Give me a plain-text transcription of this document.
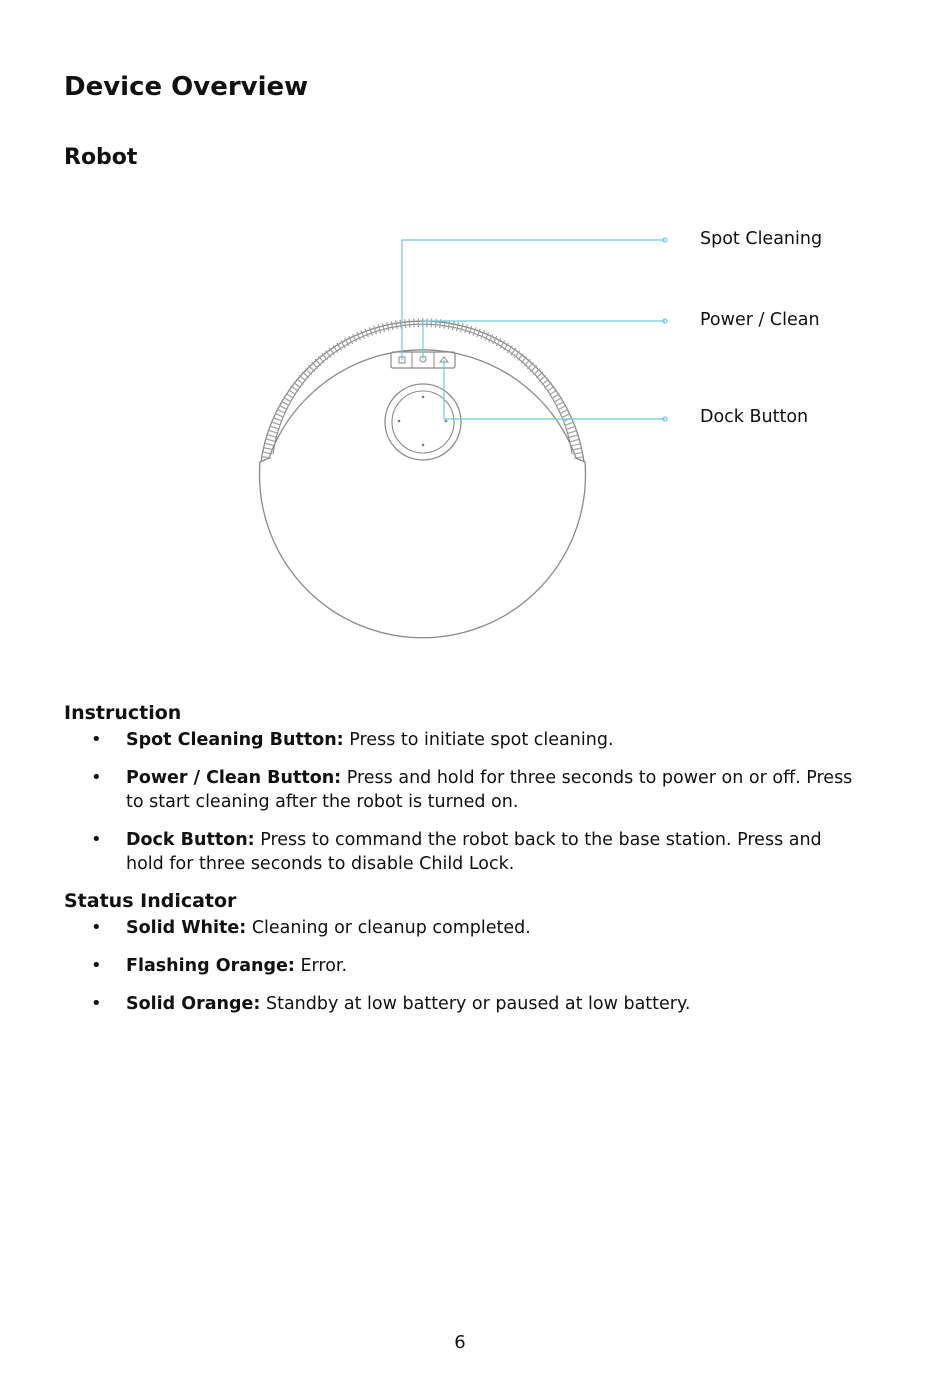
Device Overview
Robot
Spot Cleaning
Power / Clean
Dock Button
Instruction
• Spot Cleaning Button: Press to initiate spot cleaning.
• Power / Clean Button: Press and hold for three seconds to power on or off. Press to start cleaning after the robot is turned on.
• Dock Button: Press to command the robot back to the base station. Press and hold for three seconds to disable Child Lock.
Status Indicator
• Solid White: Cleaning or cleanup completed.
• Flashing Orange: Error.
• Solid Orange: Standby at low battery or paused at low battery.
6
